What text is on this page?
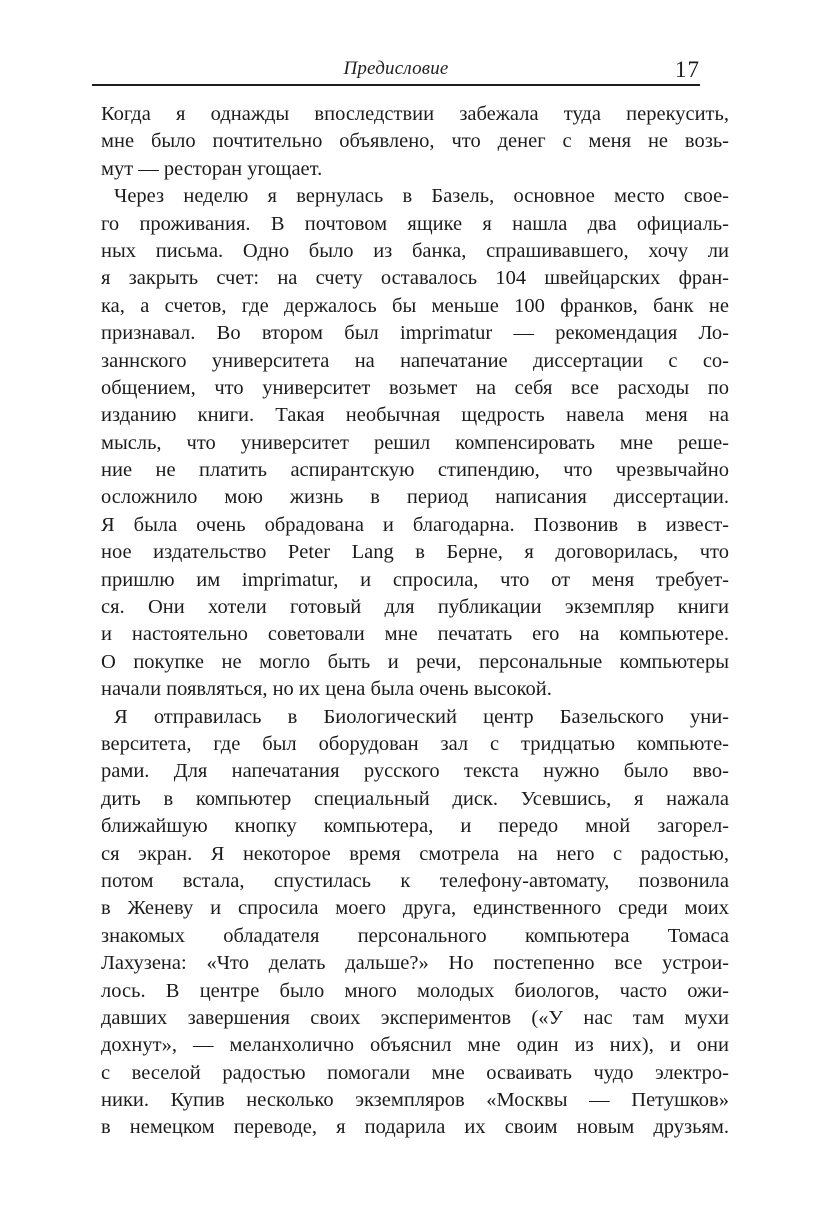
Предисловие	17
Когда я однажды впоследствии забежала туда перекусить,
мне было почтительно объявлено, что денег с меня не возь-
мут — ресторан угощает.
Через неделю я вернулась в Базель, основное место свое-
го проживания. В почтовом ящике я нашла два официаль-
ных письма. Одно было из банка, спрашивавшего, хочу ли
я закрыть счет: на счету оставалось 104 швейцарских фран-
ка, а счетов, где держалось бы меньше 100 франков, банк не
признавал. Во втором был imprimatur — рекомендация Ло-
заннского университета на напечатание диссертации с со-
общением, что университет возьмет на себя все расходы по
изданию книги. Такая необычная щедрость навела меня на
мысль, что университет решил компенсировать мне реше-
ние не платить аспирантскую стипендию, что чрезвычайно
осложнило мою жизнь в период написания диссертации.
Я была очень обрадована и благодарна. Позвонив в извест-
ное издательство Peter Lang в Берне, я договорилась, что
пришлю им imprimatur, и спросила, что от меня требует-
ся. Они хотели готовый для публикации экземпляр книги
и настоятельно советовали мне печатать его на компьютере.
О покупке не могло быть и речи, персональные компьютеры
начали появляться, но их цена была очень высокой.
Я отправилась в Биологический центр Базельского уни-
верситета, где был оборудован зал с тридцатью компьюте-
рами. Для напечатания русского текста нужно было вво-
дить в компьютер специальный диск. Усевшись, я нажала
ближайшую кнопку компьютера, и передо мной загорел-
ся экран. Я некоторое время смотрела на него с радостью,
потом встала, спустилась к телефону-автомату, позвонила
в Женеву и спросила моего друга, единственного среди моих
знакомых обладателя персонального компьютера Томаса
Лахузена: «Что делать дальше?» Но постепенно все устрои-
лось. В центре было много молодых биологов, часто ожи-
давших завершения своих экспериментов («У нас там мухи
дохнут», — меланхолично объяснил мне один из них), и они
с веселой радостью помогали мне осваивать чудо электро-
ники. Купив несколько экземпляров «Москвы — Петушков»
в немецком переводе, я подарила их своим новым друзьям.
